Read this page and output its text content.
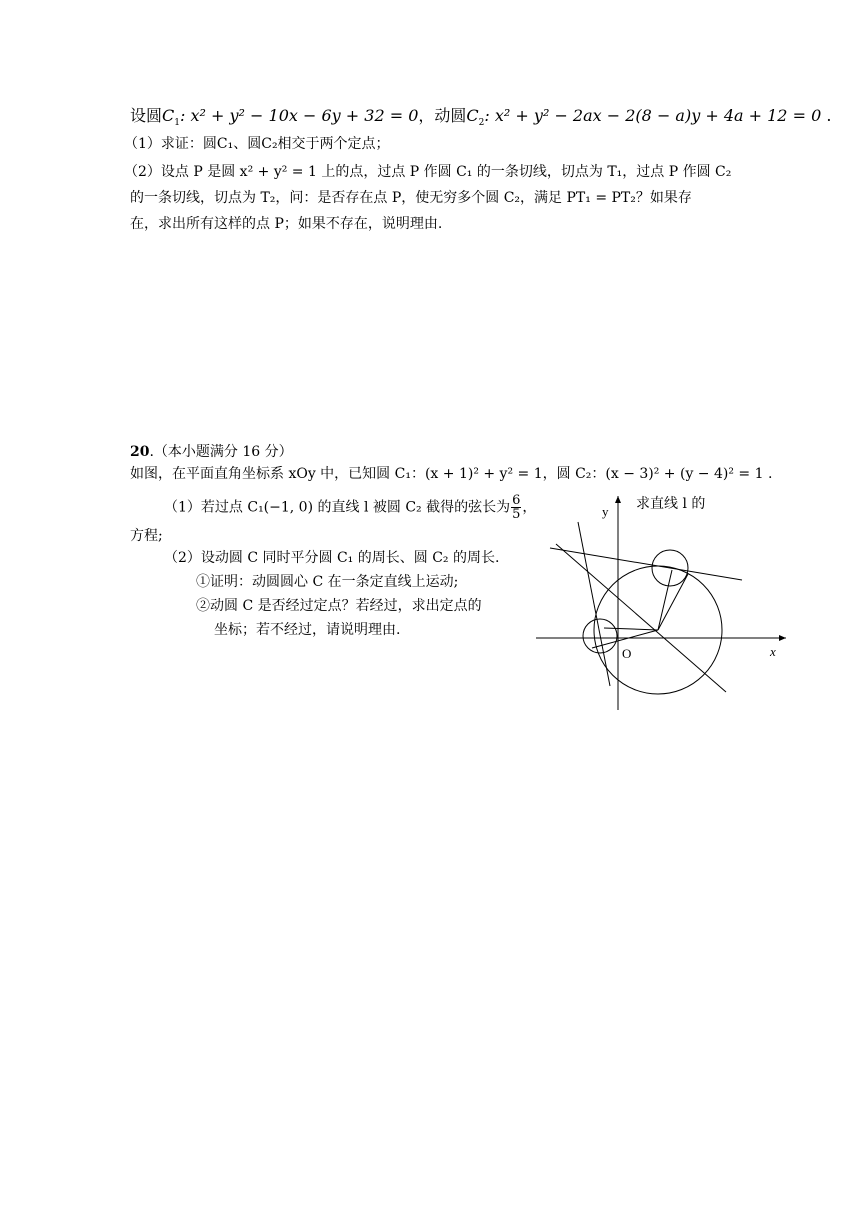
设圆$C_1$: x² + y² − 10x − 6y + 32 = 0，动圆$C_2$: x² + y² − 2ax − 2(8 − a)y + 4a + 12 = 0 .
（1）求证：圆C₁、圆C₂相交于两个定点；
（2）设点 P 是圆 x² + y² = 1 上的点，过点 P 作圆 C₁ 的一条切线，切点为 T₁，过点 P 作圆 C₂
的一条切线，切点为 T₂，问：是否存在点 P，使无穷多个圆 C₂，满足 PT₁ = PT₂？如果存
在，求出所有这样的点 P；如果不存在，说明理由.
20.（本小题满分 16 分）
如图，在平面直角坐标系 xOy 中，已知圆 C₁：(x + 1)² + y² = 1，圆 C₂：(x − 3)² + (y − 4)² = 1 .
（1）若过点 C₁(−1, 0) 的直线 l 被圆 C₂ 截得的弦长为 $\frac{6}{5}$ ，	求直线 l 的
方程;
（2）设动圆 C 同时平分圆 C₁ 的周长、圆 C₂ 的周长.
①证明：动圆圆心 C 在一条定直线上运动;
②动圆 C 是否经过定点？若经过，求出定点的
坐标；若不经过，请说明理由.
x
y
O
